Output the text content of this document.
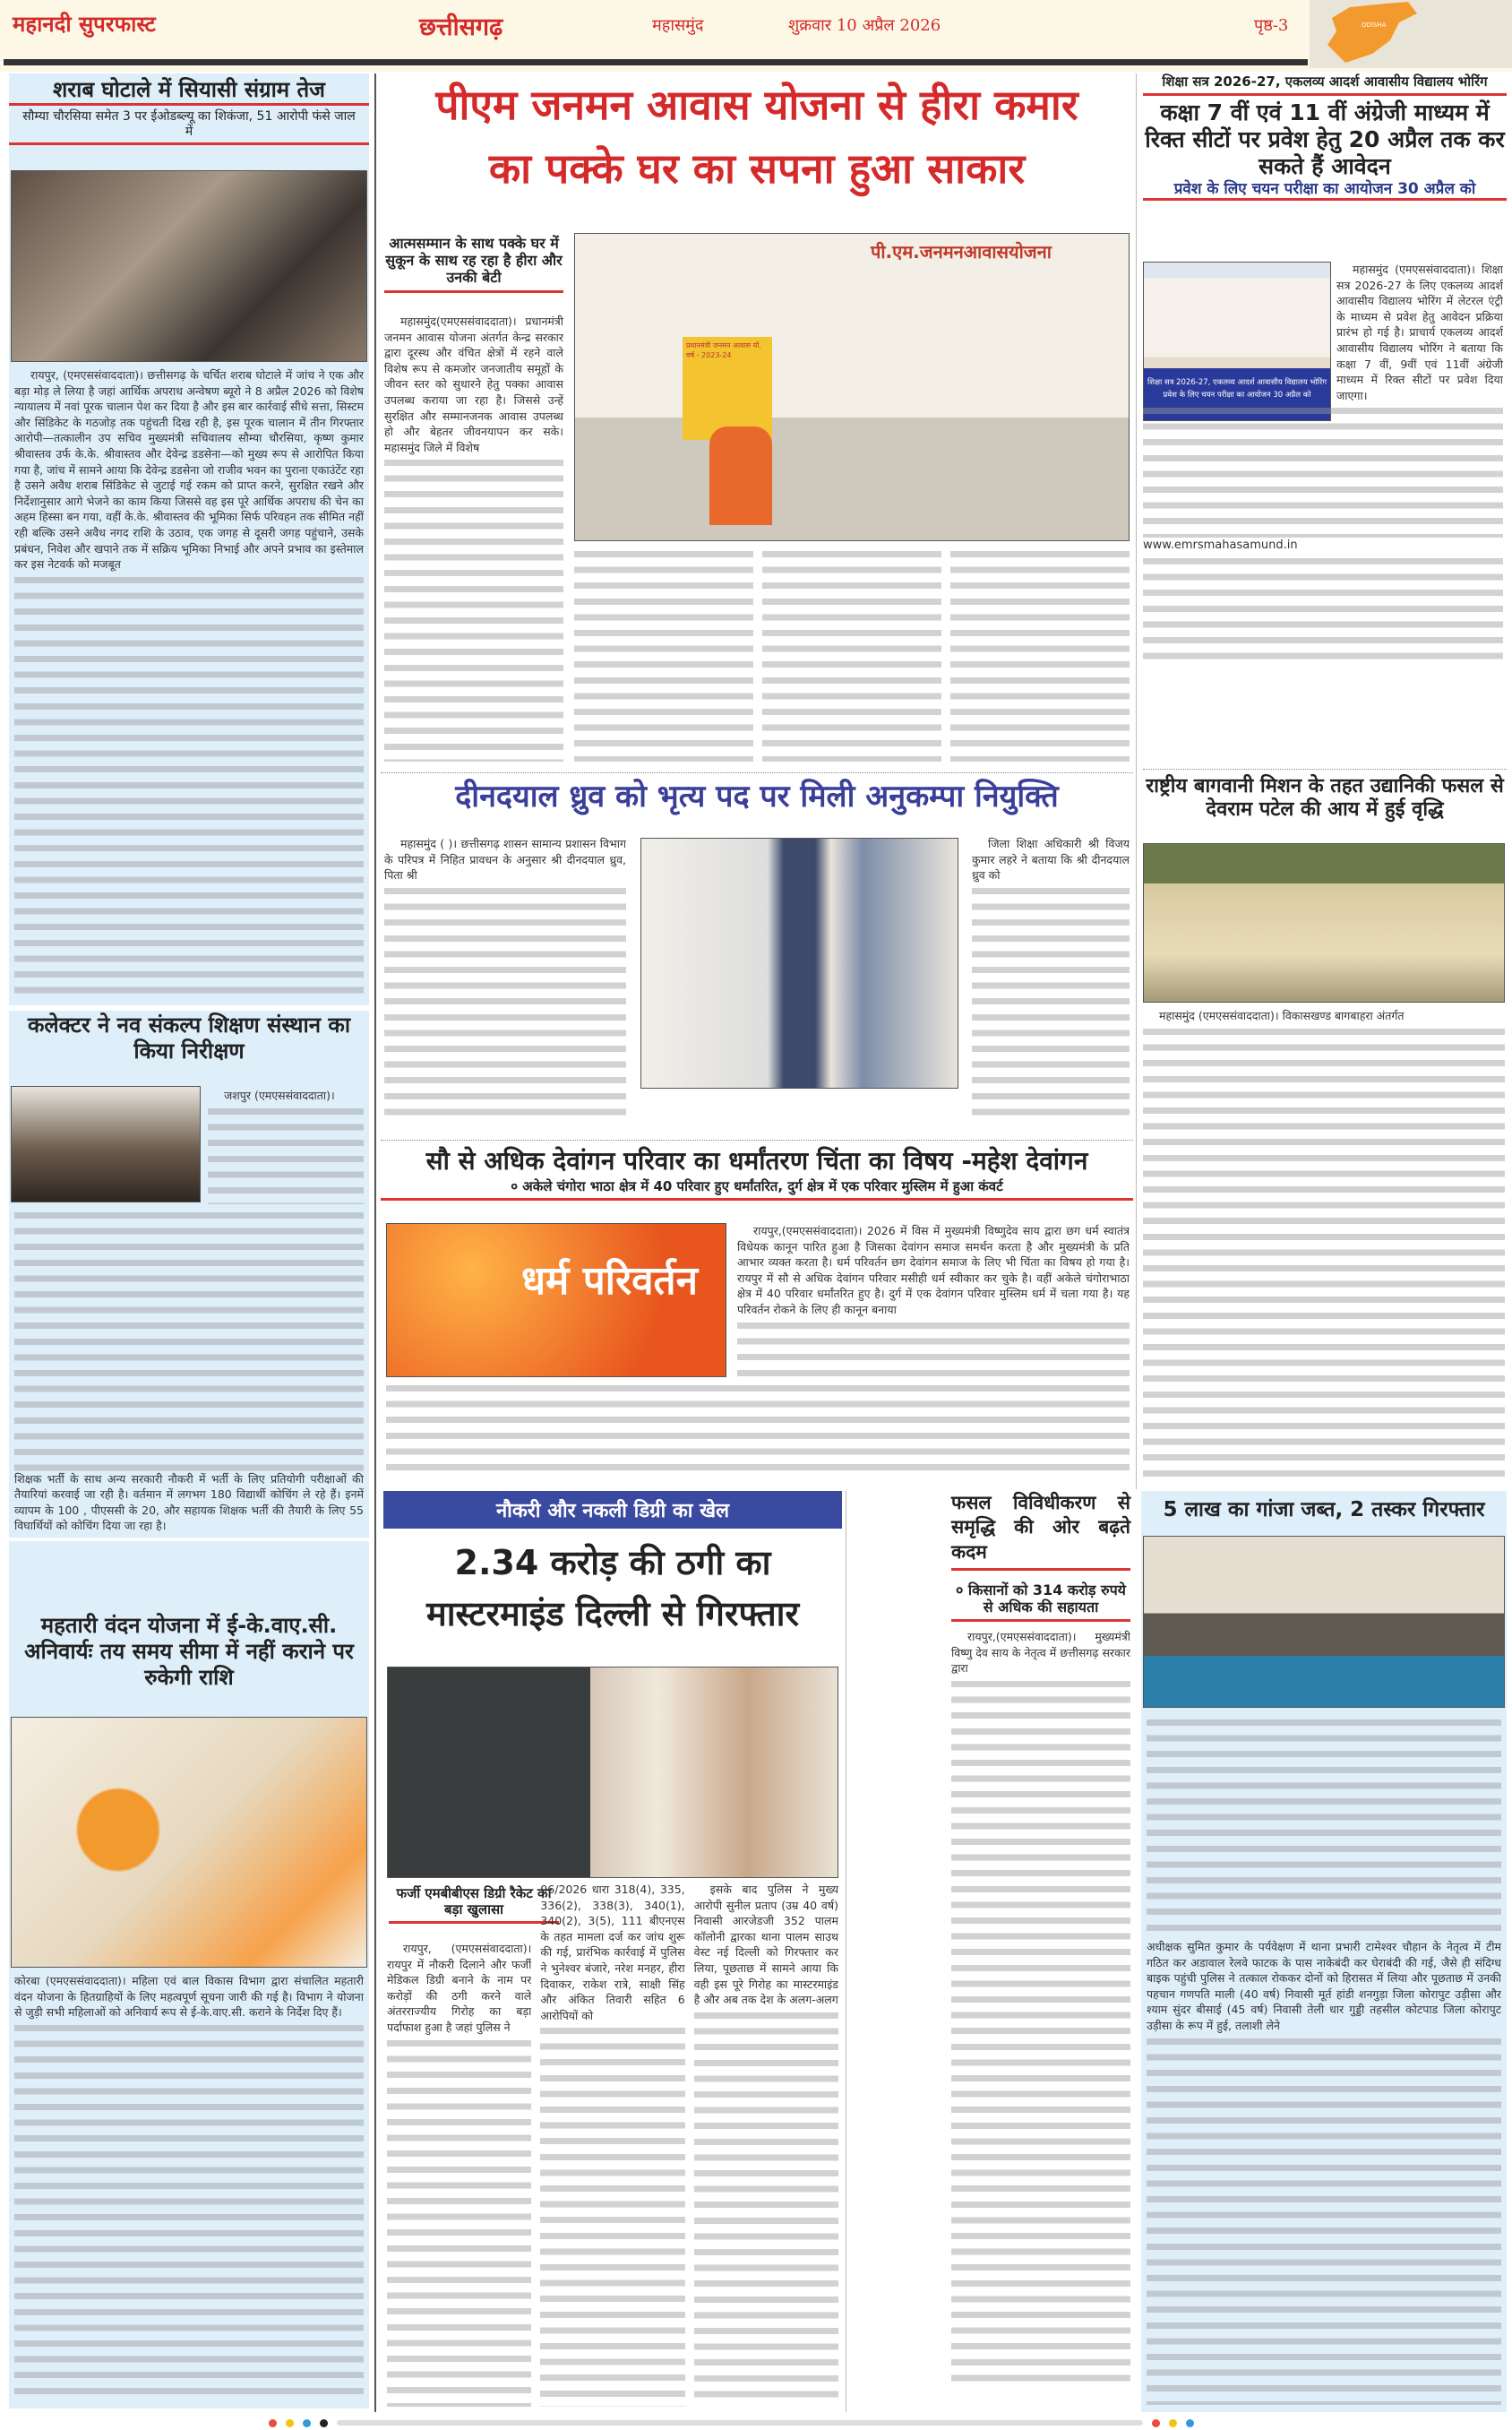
महानदी सुपरफास्ट	छत्तीसगढ़	महासमुंद	शुक्रवार 10 अप्रैल 2026	पृष्ठ-3	ODISHA
शराब घोटाले में सियासी संग्राम तेज
सौम्या चौरसिया समेत 3 पर ईओडब्ल्यू का शिकंजा, 51 आरोपी फंसे जाल में

रायपुर, (एमएससंवाददाता)। छत्तीसगढ़ के चर्चित शराब घोटाले में जांच ने एक और बड़ा मोड़ ले लिया है जहां आर्थिक अपराध अन्वेषण ब्यूरो ने 8 अप्रैल 2026 को विशेष न्यायालय में नवां पूरक चालान पेश कर दिया है और इस बार कार्रवाई सीधे सत्ता, सिस्टम और सिंडिकेट के गठजोड़ तक पहुंचती दिख रही है, इस पूरक चालान में तीन गिरफ्तार आरोपी—तत्कालीन उप सचिव मुख्यमंत्री सचिवालय सौम्या चौरसिया, कृष्ण कुमार श्रीवास्तव उर्फ के.के. श्रीवास्तव और देवेन्द्र डडसेना—को मुख्य रूप से आरोपित किया गया है, जांच में सामने आया कि देवेन्द्र डडसेना जो राजीव भवन का पुराना एकाउंटेंट रहा है उसने अवैध शराब सिंडिकेट से जुटाई गई रकम को प्राप्त करने, सुरक्षित रखने और निर्देशानुसार आगे भेजने का काम किया जिससे वह इस पूरे आर्थिक अपराध की चेन का अहम हिस्सा बन गया, वहीं के.के. श्रीवास्तव की भूमिका सिर्फ परिवहन तक सीमित नहीं रही बल्कि उसने अवैध नगद राशि के उठाव, एक जगह से दूसरी जगह पहुंचाने, उसके प्रबंधन, निवेश और खपाने तक में सक्रिय भूमिका निभाई और अपने प्रभाव का इस्तेमाल कर इस नेटवर्क को मजबूत

कलेक्टर ने नव संकल्प शिक्षण संस्थान का किया निरीक्षण

जशपुर (एमएससंवाददाता)।

शिक्षक भर्ती के साथ अन्य सरकारी नौकरी में भर्ती के लिए प्रतियोगी परीक्षाओं की तैयारियां करवाई जा रही है। वर्तमान में लगभग 180 विद्यार्थी कोचिंग ले रहे हैं। इनमें व्यापम के 100 , पीएससी के 20, और सहायक शिक्षक भर्ती की तैयारी के लिए 55 विघार्थियों को कोचिंग दिया जा रहा है।

महतारी वंदन योजना में ई-के.वाए.सी. अनिवार्यः तय समय सीमा में नहीं कराने पर रुकेगी राशि

कोरबा (एमएससंवाददाता)। महिला एवं बाल विकास विभाग द्वारा संचालित महतारी वंदन योजना के हितग्राहियों के लिए महत्वपूर्ण सूचना जारी की गई है। विभाग ने योजना से जुड़ी सभी महिलाओं को अनिवार्य रूप से ई-के.वाए.सी. कराने के निर्देश दिए हैं।

पीएम जनमन आवास योजना से हीरा कमार का पक्के घर का सपना हुआ साकार
आत्मसम्मान के साथ पक्के घर में सुकून के साथ रह रहा है हीरा और उनकी बेटी

महासमुंद(एमएससंवाददाता)। प्रधानमंत्री जनमन आवास योजना अंतर्गत केन्द्र सरकार द्वारा दूरस्थ और वंचित क्षेत्रों में रहने वाले विशेष रूप से कमजोर जनजातीय समूहों के जीवन स्तर को सुधारने हेतु पक्का आवास उपलब्ध कराया जा रहा है। जिससे उन्हें सुरक्षित और सम्मानजनक आवास उपलब्ध हो और बेहतर जीवनयापन कर सके। महासमुंद जिले में विशेष

पी.एम.जनमनआवासयोजना
प्रधानमंत्री जनमन आवास यो.
वर्ष - 2023-24
दीनदयाल ध्रुव को भृत्य पद पर मिली अनुकम्पा नियुक्ति

महासमुंद ( )। छत्तीसगढ़ शासन सामान्य प्रशासन विभाग के परिपत्र में निहित प्रावधन के अनुसार श्री दीनदयाल ध्रुव, पिता श्री

जिला शिक्षा अधिकारी श्री विजय कुमार लहरे ने बताया कि श्री दीनदयाल ध्रुव को

सौ से अधिक देवांगन परिवार का धर्मांतरण चिंता का विषय -महेश देवांगन
० अकेले चंगोरा भाठा क्षेत्र में 40 परिवार हुए धर्मांतरित, दुर्ग क्षेत्र में एक परिवार मुस्लिम में हुआ कंवर्ट
धर्म परिवर्तन

रायपुर,(एमएससंवाददाता)। 2026 में विस में मुख्यमंत्री विष्णुदेव साय द्वारा छग धर्म स्वातंत्र विधेयक कानून पारित हुआ है जिसका देवांगन समाज समर्थन करता है और मुख्यमंत्री के प्रति आभार व्यक्त करता है। धर्म परिवर्तन छग देवांगन समाज के लिए भी चिंता का विषय हो गया है। रायपुर में सौ से अधिक देवांगन परिवार मसीही धर्म स्वीकार कर चुके है। वहीं अकेले चंगोराभाठा क्षेत्र में 40 परिवार धर्मांतरित हुए है। दुर्ग में एक देवांगन परिवार मुस्लिम धर्म में चला गया है। यह परिवर्तन रोकने के लिए ही कानून बनाया

नौकरी और नकली डिग्री का खेल
2.34 करोड़ की ठगी का मास्टरमाइंड दिल्ली से गिरफ्तार
फर्जी एमबीबीएस डिग्री रैकेट का बड़ा खुलासा

रायपुर, (एमएससंवाददाता)। रायपुर में नौकरी दिलाने और फर्जी मेडिकल डिग्री बनाने के नाम पर करोड़ों की ठगी करने वाले अंतरराज्यीय गिरोह का बड़ा पर्दाफाश हुआ है जहां पुलिस ने

96/2026 धारा 318(4), 335, 336(2), 338(3), 340(1), 340(2), 3(5), 111 बीएनएस के तहत मामला दर्ज कर जांच शुरू की गई, प्रारंभिक कार्रवाई में पुलिस ने भुनेश्वर बंजारे, नरेश मनहर, हीरा दिवाकर, राकेश रात्रे, साक्षी सिंह और अंकित तिवारी सहित 6 आरोपियों को

इसके बाद पुलिस ने मुख्य आरोपी सुनील प्रताप (उम्र 40 वर्ष) निवासी आरजेडजी 352 पालम कॉलोनी द्वारका थाना पालम साउथ वेस्ट नई दिल्ली को गिरफ्तार कर लिया, पूछताछ में सामने आया कि वही इस पूरे गिरोह का मास्टरमाइंड है और अब तक देश के अलग-अलग

फसल विविधीकरण से समृद्धि की ओर बढ़ते कदम
० किसानों को 314 करोड़ रुपये से अधिक की सहायता

रायपुर,(एमएससंवाददाता)। मुख्यमंत्री विष्णु देव साय के नेतृत्व में छत्तीसगढ़ सरकार द्वारा

शिक्षा सत्र 2026-27, एकलव्य आदर्श आवासीय विद्यालय भोरिंग
कक्षा 7 वीं एवं 11 वीं अंग्रेजी माध्यम में रिक्त सीटों पर प्रवेश हेतु 20 अप्रैल तक कर सकते हैं आवेदन
प्रवेश के लिए चयन परीक्षा का आयोजन 30 अप्रैल को
शिक्षा सत्र 2026-27, एकलव्य आदर्श आवासीय विद्यालय भोरिंग
प्रवेश के लिए चयन परीक्षा का आयोजन 30 अप्रैल को

महासमुंद (एमएससंवाददाता)। शिक्षा सत्र 2026-27 के लिए एकलव्य आदर्श आवासीय विद्यालय भोरिंग में लेटरल एंट्री के माध्यम से प्रवेश हेतु आवेदन प्रक्रिया प्रारंभ हो गई है। प्राचार्य एकलव्य आदर्श आवासीय विद्यालय भोरिंग ने बताया कि कक्षा 7 वीं, 9वीं एवं 11वीं अंग्रेजी माध्यम में रिक्त सीटों पर प्रवेश दिया जाएगा।

www.emrsmahasamund.in
राष्ट्रीय बागवानी मिशन के तहत उद्यानिकी फसल से देवराम पटेल की आय में हुई वृद्धि

महासमुंद (एमएससंवाददाता)। विकासखण्ड बागबाहरा अंतर्गत

5 लाख का गांजा जब्त, 2 तस्कर गिरफ्तार

अधीक्षक सुमित कुमार के पर्यवेक्षण में थाना प्रभारी टामेश्वर चौहान के नेतृत्व में टीम गठित कर अडावाल रेलवे फाटक के पास नाकेबंदी कर घेराबंदी की गई, जैसे ही संदिग्ध बाइक पहुंची पुलिस ने तत्काल रोककर दोनों को हिरासत में लिया और पूछताछ में उनकी पहचान गणपति माली (40 वर्ष) निवासी मूर्त हांडी शनगुड़ा जिला कोरापुट उड़ीसा और श्याम सुंदर बीसाई (45 वर्ष) निवासी तेली धार गुड्डी तहसील कोटपाड जिला कोरापुट उड़ीसा के रूप में हुई, तलाशी लेने
